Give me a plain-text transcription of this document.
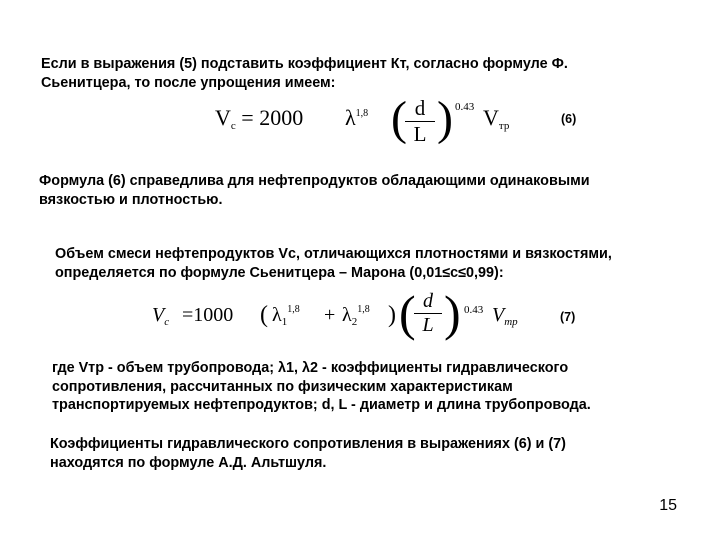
Если в выражения (5) подставить коэффициент Кт, согласно формуле Ф.
Сьенитцера, то после упрощения имеем:
Vc = 2000 $\lambda^{1,8}$ (
$\frac{d}{L}$ ) 0.43 Vтр	(6)
Формула (6) справедлива для нефтепродуктов обладающими одинаковыми
вязкостью и плотностью.
Объем смеси нефтепродуктов Vс, отличающихся плотностями и вязкостями,
определяется по формуле Сьенитцера – Марона (0,01≤с≤0,99):
$V_c =1000$ ( $\lambda_1^{1,8} + \lambda_2^{1,8}$ ) (
$\frac{d}{L}$ ) 0.43 $V_{тр}$	(7)
где Vтр - объем трубопровода; λ1, λ2 - коэффициенты гидравлического
сопротивления, рассчитанных по физическим характеристикам
транспортируемых нефтепродуктов; d, L - диаметр и длина трубопровода.
Коэффициенты гидравлического сопротивления в выражениях (6) и (7)
находятся по формуле А.Д. Альтшуля.
15
